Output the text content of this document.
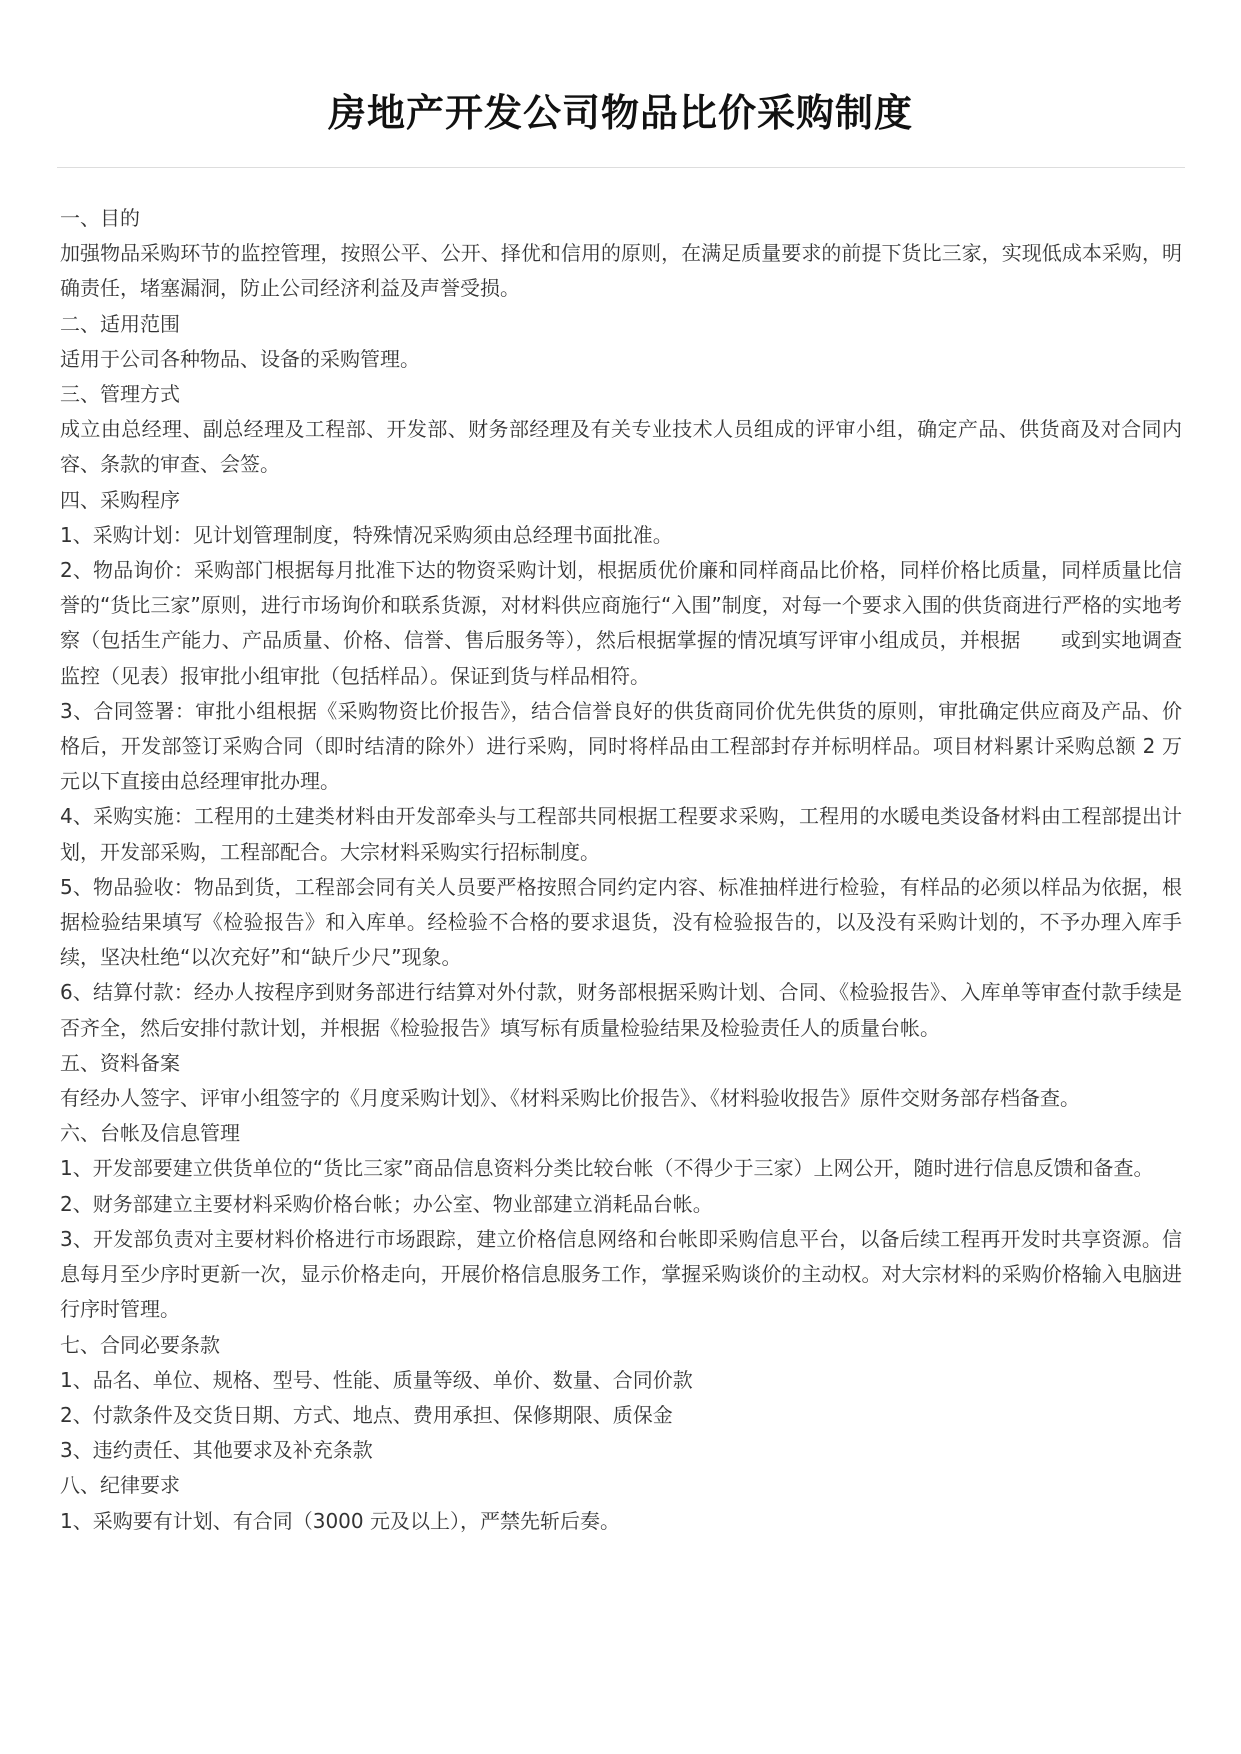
房地产开发公司物品比价采购制度

一、目的

加强物品采购环节的监控管理，按照公平、公开、择优和信用的原则，在满足质量要求的前提下货比三家，实现低成本采购，明确责任，堵塞漏洞，防止公司经济利益及声誉受损。

二、适用范围

适用于公司各种物品、设备的采购管理。

三、管理方式

成立由总经理、副总经理及工程部、开发部、财务部经理及有关专业技术人员组成的评审小组，确定产品、供货商及对合同内容、条款的审查、会签。

四、采购程序

1、采购计划：见计划管理制度，特殊情况采购须由总经理书面批准。

2、物品询价：采购部门根据每月批准下达的物资采购计划，根据质优价廉和同样商品比价格，同样价格比质量，同样质量比信誉的“货比三家”原则，进行市场询价和联系货源，对材料供应商施行“入围”制度，对每一个要求入围的供货商进行严格的实地考察（包括生产能力、产品质量、价格、信誉、售后服务等），然后根据掌握的情况填写评审小组成员，并根据　　或到实地调查监控（见表）报审批小组审批（包括样品）。保证到货与样品相符。

3、合同签署：审批小组根据《采购物资比价报告》，结合信誉良好的供货商同价优先供货的原则，审批确定供应商及产品、价格后，开发部签订采购合同（即时结清的除外）进行采购，同时将样品由工程部封存并标明样品。项目材料累计采购总额 2 万元以下直接由总经理审批办理。

4、采购实施：工程用的土建类材料由开发部牵头与工程部共同根据工程要求采购，工程用的水暖电类设备材料由工程部提出计划，开发部采购，工程部配合。大宗材料采购实行招标制度。

5、物品验收：物品到货，工程部会同有关人员要严格按照合同约定内容、标准抽样进行检验，有样品的必须以样品为依据，根据检验结果填写《检验报告》和入库单。经检验不合格的要求退货，没有检验报告的，以及没有采购计划的，不予办理入库手续，坚决杜绝“以次充好”和“缺斤少尺”现象。

6、结算付款：经办人按程序到财务部进行结算对外付款，财务部根据采购计划、合同、《检验报告》、入库单等审查付款手续是否齐全，然后安排付款计划，并根据《检验报告》填写标有质量检验结果及检验责任人的质量台帐。

五、资料备案

有经办人签字、评审小组签字的《月度采购计划》、《材料采购比价报告》、《材料验收报告》原件交财务部存档备查。

六、台帐及信息管理

1、开发部要建立供货单位的“货比三家”商品信息资料分类比较台帐（不得少于三家）上网公开，随时进行信息反馈和备查。

2、财务部建立主要材料采购价格台帐；办公室、物业部建立消耗品台帐。

3、开发部负责对主要材料价格进行市场跟踪，建立价格信息网络和台帐即采购信息平台，以备后续工程再开发时共享资源。信息每月至少序时更新一次，显示价格走向，开展价格信息服务工作，掌握采购谈价的主动权。对大宗材料的采购价格输入电脑进行序时管理。

七、合同必要条款

1、品名、单位、规格、型号、性能、质量等级、单价、数量、合同价款

2、付款条件及交货日期、方式、地点、费用承担、保修期限、质保金

3、违约责任、其他要求及补充条款

八、纪律要求

1、采购要有计划、有合同（3000 元及以上），严禁先斩后奏。
